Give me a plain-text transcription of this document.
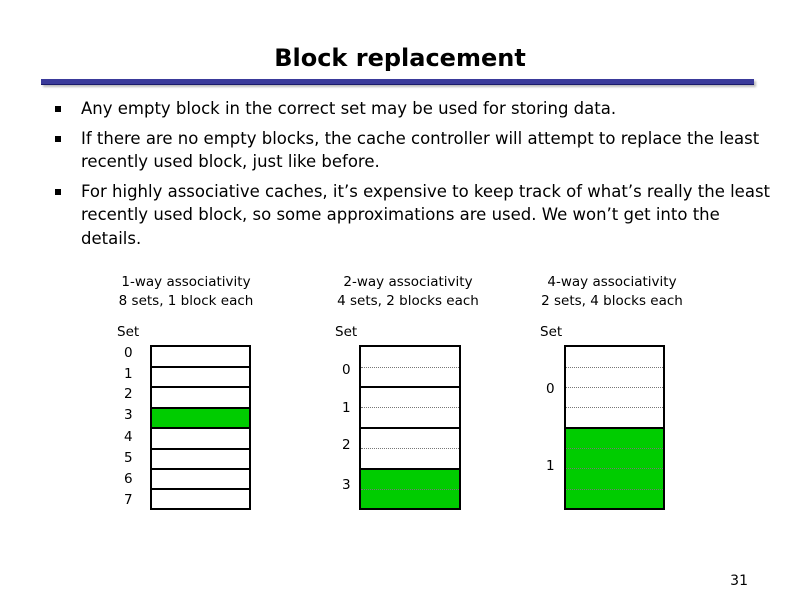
Block replacement
Any empty block in the correct set may be used for storing data.
If there are no empty blocks, the cache controller will attempt to replace the least recently used block, just like before.
For highly associative caches, it’s expensive to keep track of what’s really the least recently used block, so some approximations are used. We won’t get into the details.
1-way associativity
8 sets, 1 block each
Set
0
1
2
3
4
5
6
7
2-way associativity
4 sets, 2 blocks each
Set
0
1
2
3
4-way associativity
2 sets, 4 blocks each
Set
0
1
31
